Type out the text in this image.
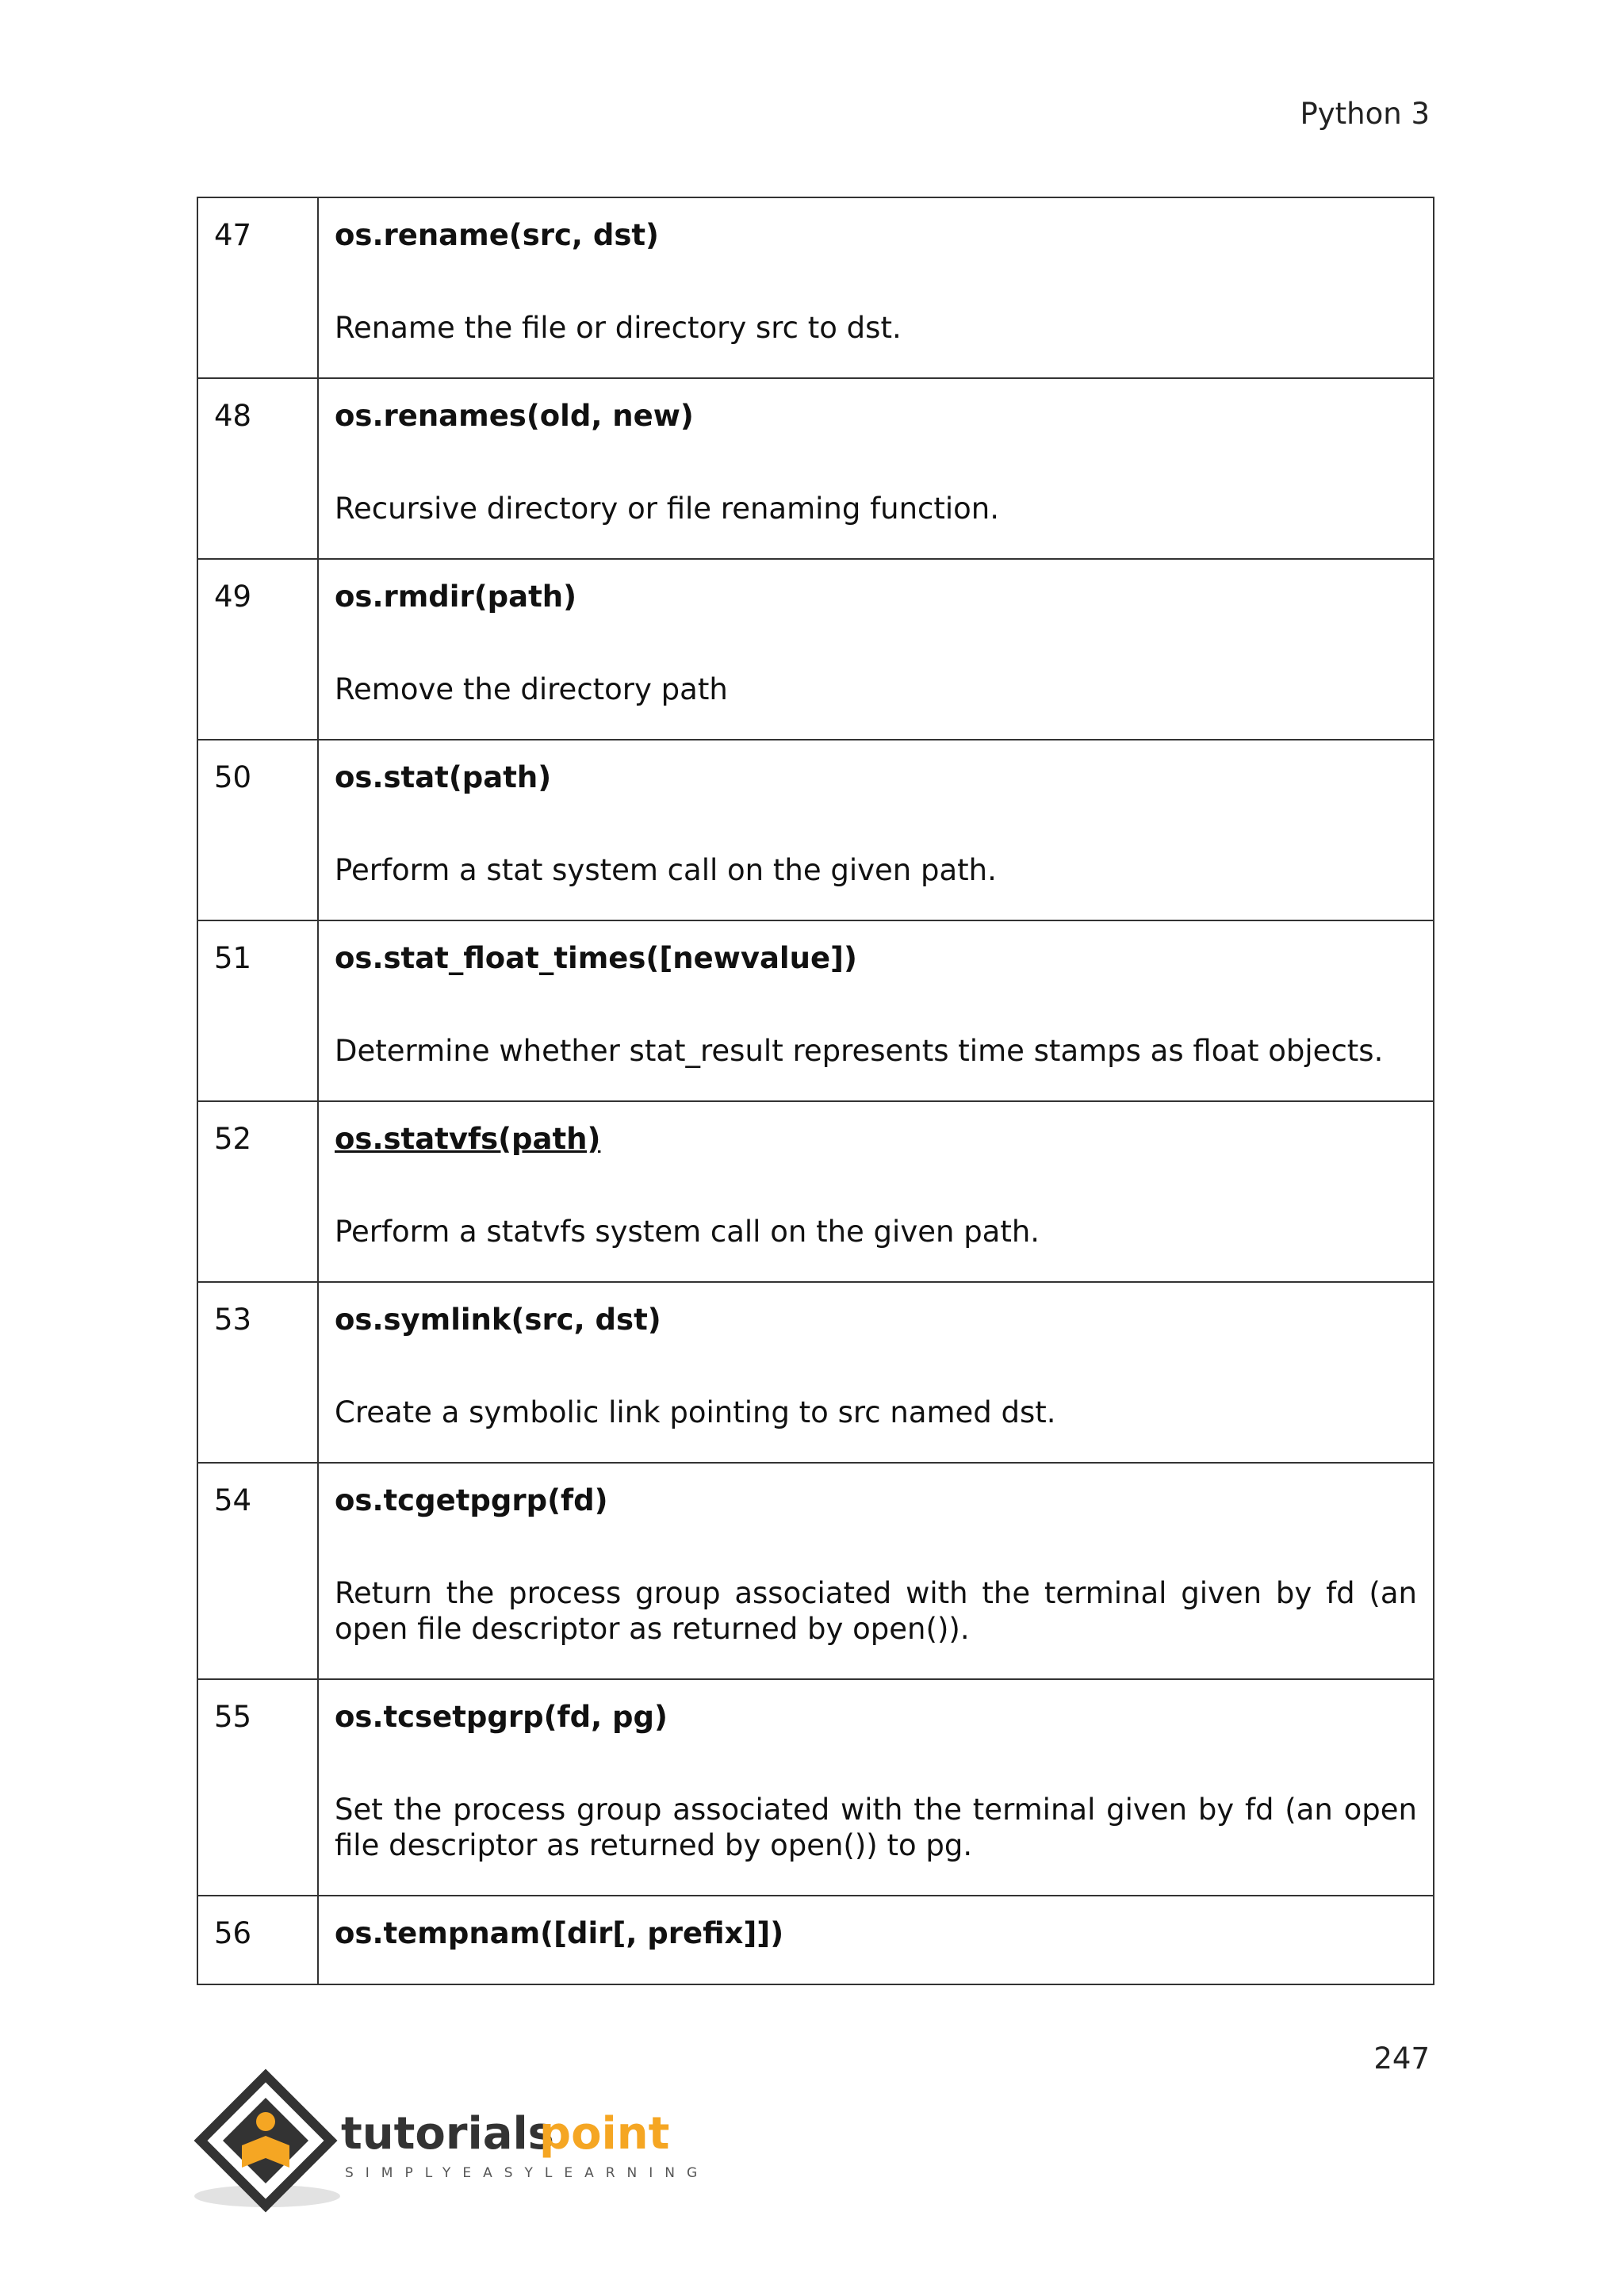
Python 3
47	os.rename(src, dst)

Rename the file or directory src to dst.

48	os.renames(old, new)

Recursive directory or file renaming function.

49	os.rmdir(path)

Remove the directory path

50	os.stat(path)

Perform a stat system call on the given path.

51	os.stat_float_times([newvalue])

Determine whether stat_result represents time stamps as float objects.

52	os.statvfs(path)

Perform a statvfs system call on the given path.

53	os.symlink(src, dst)

Create a symbolic link pointing to src named dst.

54	os.tcgetpgrp(fd)

Return the process group associated with the terminal given by fd (an open file descriptor as returned by open()).

55	os.tcsetpgrp(fd, pg)

Set the process group associated with the terminal given by fd (an open file descriptor as returned by open()) to pg.

56	os.tempnam([dir[, prefix]])

247
tutorials
point
SIMPLYEASYLEARNING
